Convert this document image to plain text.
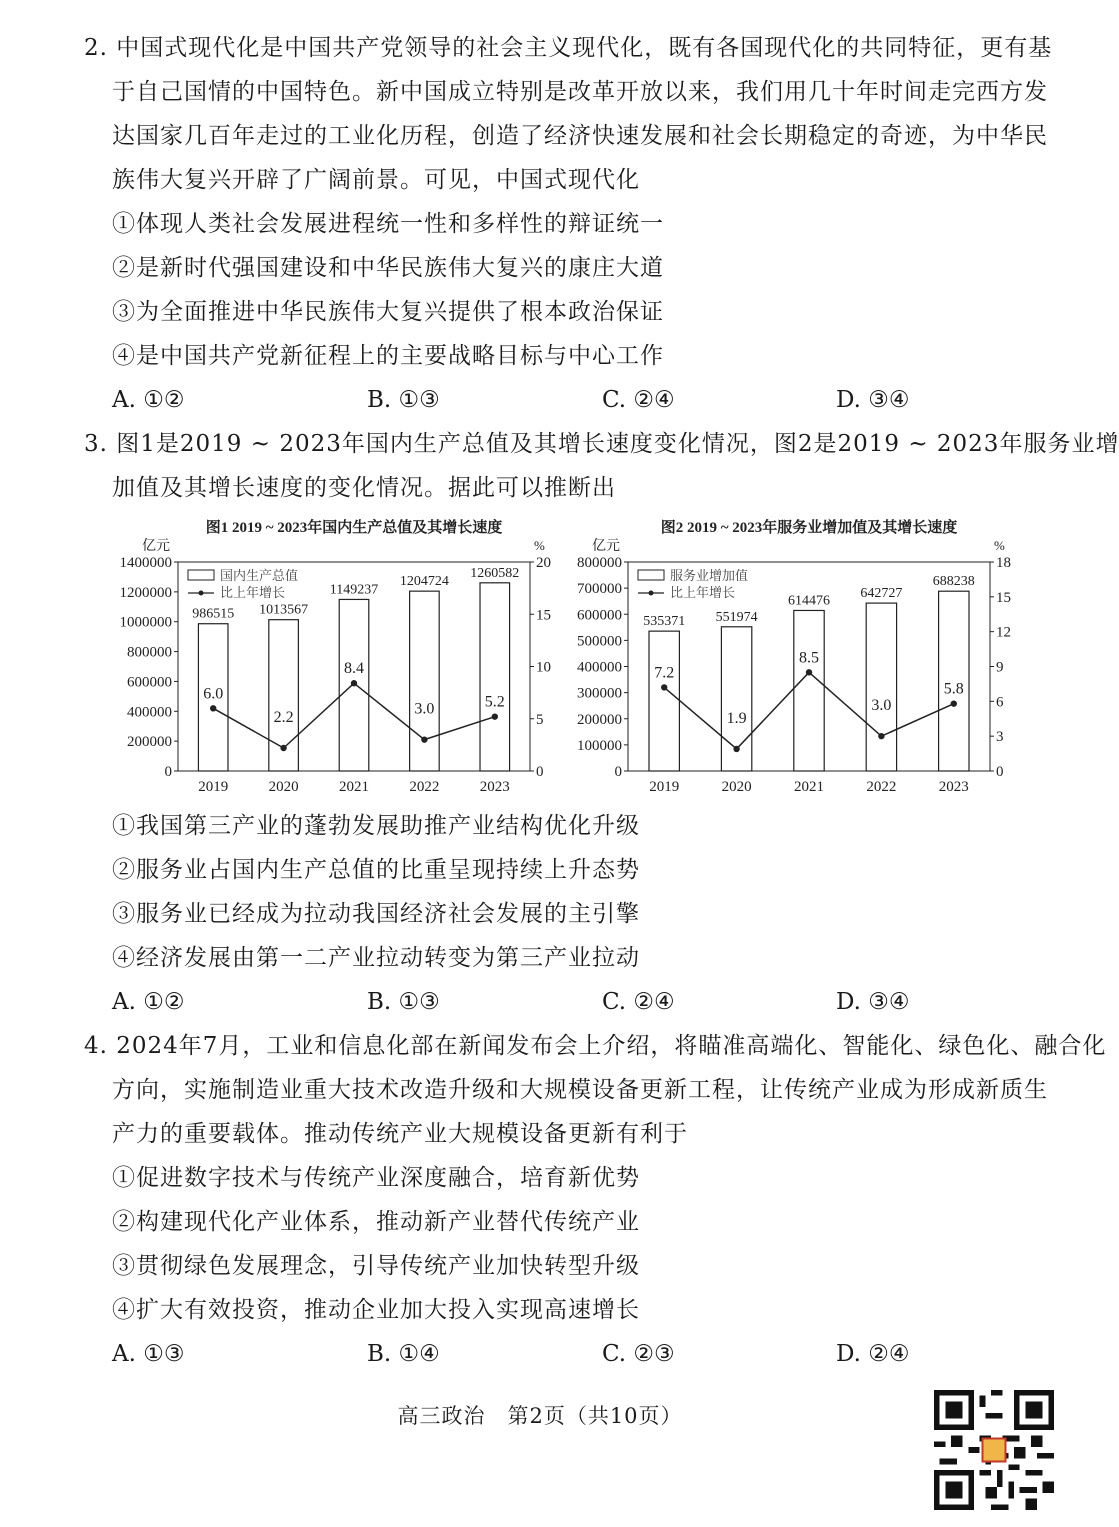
2. 中国式现代化是中国共产党领导的社会主义现代化，既有各国现代化的共同特征，更有基
于自己国情的中国特色。新中国成立特别是改革开放以来，我们用几十年时间走完西方发
达国家几百年走过的工业化历程，创造了经济快速发展和社会长期稳定的奇迹，为中华民
族伟大复兴开辟了广阔前景。可见，中国式现代化
①体现人类社会发展进程统一性和多样性的辩证统一
②是新时代强国建设和中华民族伟大复兴的康庄大道
③为全面推进中华民族伟大复兴提供了根本政治保证
④是中国共产党新征程上的主要战略目标与中心工作
A. ①②	B. ①③	C. ②④	D. ③④
3. 图1是2019 ~ 2023年国内生产总值及其增长速度变化情况，图2是2019 ~ 2023年服务业增
加值及其增长速度的变化情况。据此可以推断出
图1 2019 ~ 2023年国内生产总值及其增长速度
亿元	%
0
200000
400000
600000
800000
1000000
1200000
1400000
0
5
10
15
20
986515
2019
1013567
2020
1149237
2021
1204724
2022
1260582
2023
6.0
2.2
8.4
3.0	5.2
国内生产总值
比上年增长
图2 2019 ~ 2023年服务业增加值及其增长速度
亿元	%
0
100000
200000
300000
400000
500000
600000
700000
800000
0
3
6
9
12
15
18
535371
2019
551974
2020
614476
2021
642727
2022
688238
2023
7.2
1.9
8.5
3.0
5.8
服务业增加值
比上年增长
①我国第三产业的蓬勃发展助推产业结构优化升级
②服务业占国内生产总值的比重呈现持续上升态势
③服务业已经成为拉动我国经济社会发展的主引擎
④经济发展由第一二产业拉动转变为第三产业拉动
A. ①②	B. ①③	C. ②④	D. ③④
4. 2024年7月，工业和信息化部在新闻发布会上介绍，将瞄准高端化、智能化、绿色化、融合化
方向，实施制造业重大技术改造升级和大规模设备更新工程，让传统产业成为形成新质生
产力的重要载体。推动传统产业大规模设备更新有利于
①促进数字技术与传统产业深度融合，培育新优势
②构建现代化产业体系，推动新产业替代传统产业
③贯彻绿色发展理念，引导传统产业加快转型升级
④扩大有效投资，推动企业加大投入实现高速增长
A. ①③	B. ①④	C. ②③	D. ②④
高三政治　第2页（共10页）
